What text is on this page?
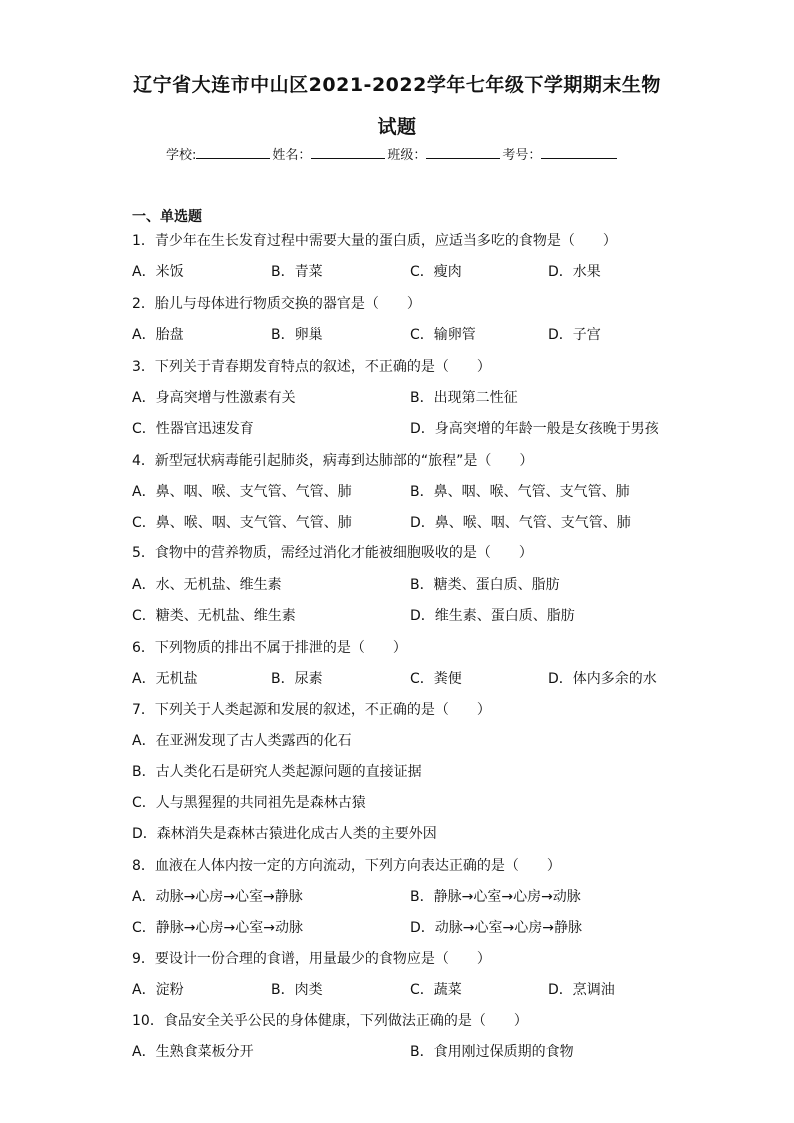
辽宁省大连市中山区2021-2022学年七年级下学期期末生物
试题
学校:	姓名：	班级：	考号：
一、单选题
1．青少年在生长发育过程中需要大量的蛋白质，应适当多吃的食物是（　　）
A．米饭	B．青菜	C．瘦肉	D．水果
2．胎儿与母体进行物质交换的器官是（　　）
A．胎盘	B．卵巢	C．输卵管	D．子宫
3．下列关于青春期发育特点的叙述，不正确的是（　　）
A．身高突增与性激素有关	B．出现第二性征
C．性器官迅速发育	D．身高突增的年龄一般是女孩晚于男孩
4．新型冠状病毒能引起肺炎，病毒到达肺部的“旅程”是（　　）
A．鼻、咽、喉、支气管、气管、肺	B．鼻、咽、喉、气管、支气管、肺
C．鼻、喉、咽、支气管、气管、肺	D．鼻、喉、咽、气管、支气管、肺
5．食物中的营养物质，需经过消化才能被细胞吸收的是（　　）
A．水、无机盐、维生素	B．糖类、蛋白质、脂肪
C．糖类、无机盐、维生素	D．维生素、蛋白质、脂肪
6．下列物质的排出不属于排泄的是（　　）
A．无机盐	B．尿素	C．粪便	D．体内多余的水
7．下列关于人类起源和发展的叙述，不正确的是（　　）
A．在亚洲发现了古人类露西的化石
B．古人类化石是研究人类起源问题的直接证据
C．人与黑猩猩的共同祖先是森林古猿
D．森林消失是森林古猿进化成古人类的主要外因
8．血液在人体内按一定的方向流动，下列方向表达正确的是（　　）
A．动脉→心房→心室→静脉	B．静脉→心室→心房→动脉
C．静脉→心房→心室→动脉	D．动脉→心室→心房→静脉
9．要设计一份合理的食谱，用量最少的食物应是（　　）
A．淀粉	B．肉类	C．蔬菜	D．烹调油
10．食品安全关乎公民的身体健康，下列做法正确的是（　　）
A．生熟食菜板分开	B．食用刚过保质期的食物
